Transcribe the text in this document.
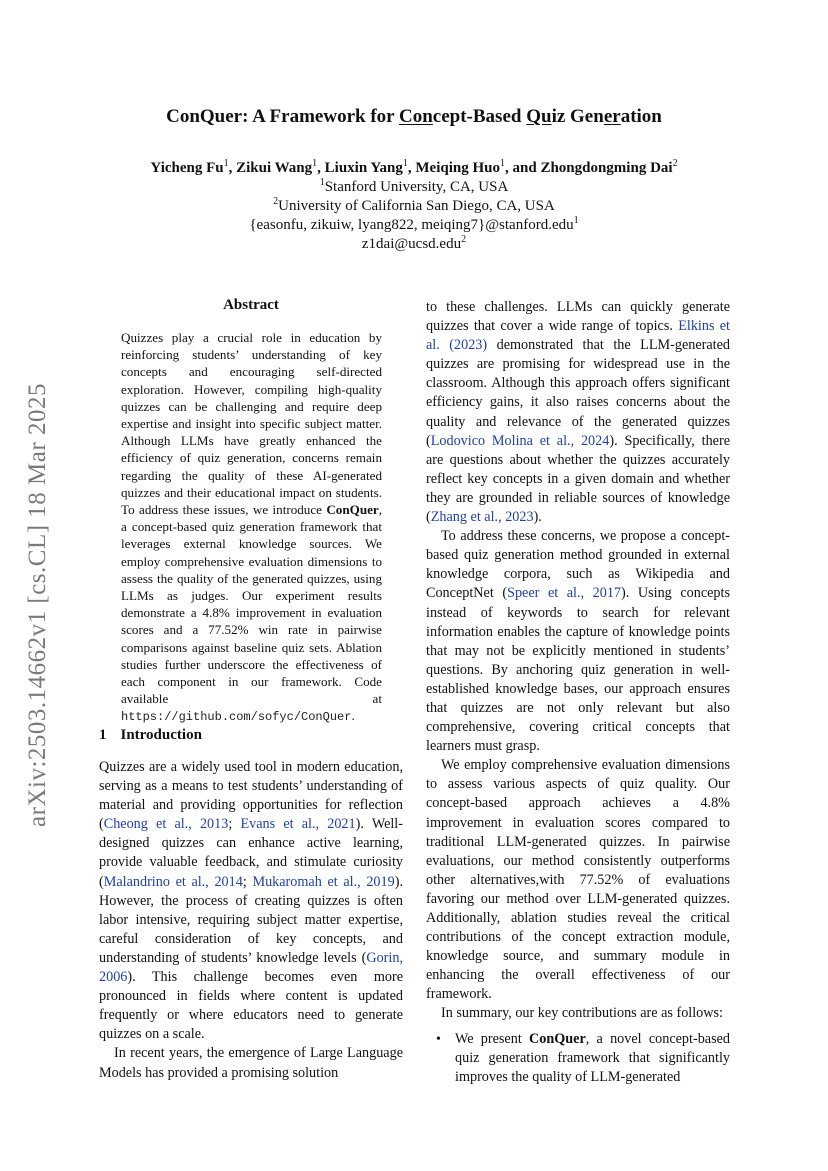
arXiv:2503.14662v1 [cs.CL] 18 Mar 2025
ConQuer: A Framework for Concept-Based Quiz Generation
Yicheng Fu$^1$, Zikui Wang$^1$, Liuxin Yang$^1$, Meiqing Huo$^1$, and Zhongdongming Dai$^2$
$^1$Stanford University, CA, USA
$^2$University of California San Diego, CA, USA
{easonfu, zikuiw, lyang822, meiqing7}@stanford.edu$^1$
z1dai@ucsd.edu$^2$
Abstract
Quizzes play a crucial role in education by reinforcing students’ understanding of key concepts and encouraging self-directed exploration. However, compiling high-quality quizzes can be challenging and require deep expertise and insight into specific subject matter. Although LLMs have greatly enhanced the efficiency of quiz generation, concerns remain regarding the quality of these AI-generated quizzes and their educational impact on students. To address these issues, we introduce ConQuer, a concept-based quiz generation framework that leverages external knowledge sources. We employ comprehensive evaluation dimensions to assess the quality of the generated quizzes, using LLMs as judges. Our experiment results demonstrate a 4.8% improvement in evaluation scores and a 77.52% win rate in pairwise comparisons against baseline quiz sets. Ablation studies further underscore the effectiveness of each component in our framework. Code available at https://github.com/sofyc/ConQuer.
1 Introduction

Quizzes are a widely used tool in modern education, serving as a means to test students’ understanding of material and providing opportunities for reflection (Cheong et al., 2013; Evans et al., 2021). Well-designed quizzes can enhance active learning, provide valuable feedback, and stimulate curiosity (Malandrino et al., 2014; Mukaromah et al., 2019). However, the process of creating quizzes is often labor intensive, requiring subject matter expertise, careful consideration of key concepts, and understanding of students’ knowledge levels (Gorin, 2006). This challenge becomes even more pronounced in fields where content is updated frequently or where educators need to generate quizzes on a scale.

In recent years, the emergence of Large Language Models has provided a promising solution

to these challenges. LLMs can quickly generate quizzes that cover a wide range of topics. Elkins et al. (2023) demonstrated that the LLM-generated quizzes are promising for widespread use in the classroom. Although this approach offers significant efficiency gains, it also raises concerns about the quality and relevance of the generated quizzes (Lodovico Molina et al., 2024). Specifically, there are questions about whether the quizzes accurately reflect key concepts in a given domain and whether they are grounded in reliable sources of knowledge (Zhang et al., 2023).

To address these concerns, we propose a concept-based quiz generation method grounded in external knowledge corpora, such as Wikipedia and ConceptNet (Speer et al., 2017). Using concepts instead of keywords to search for relevant information enables the capture of knowledge points that may not be explicitly mentioned in students’ questions. By anchoring quiz generation in well-established knowledge bases, our approach ensures that quizzes are not only relevant but also comprehensive, covering critical concepts that learners must grasp.

We employ comprehensive evaluation dimensions to assess various aspects of quiz quality. Our concept-based approach achieves a 4.8% improvement in evaluation scores compared to traditional LLM-generated quizzes. In pairwise evaluations, our method consistently outperforms other alternatives,with 77.52% of evaluations favoring our method over LLM-generated quizzes. Additionally, ablation studies reveal the critical contributions of the concept extraction module, knowledge source, and summary module in enhancing the overall effectiveness of our framework.

In summary, our key contributions are as follows:

• We present ConQuer, a novel concept-based quiz generation framework that significantly improves the quality of LLM-generated
